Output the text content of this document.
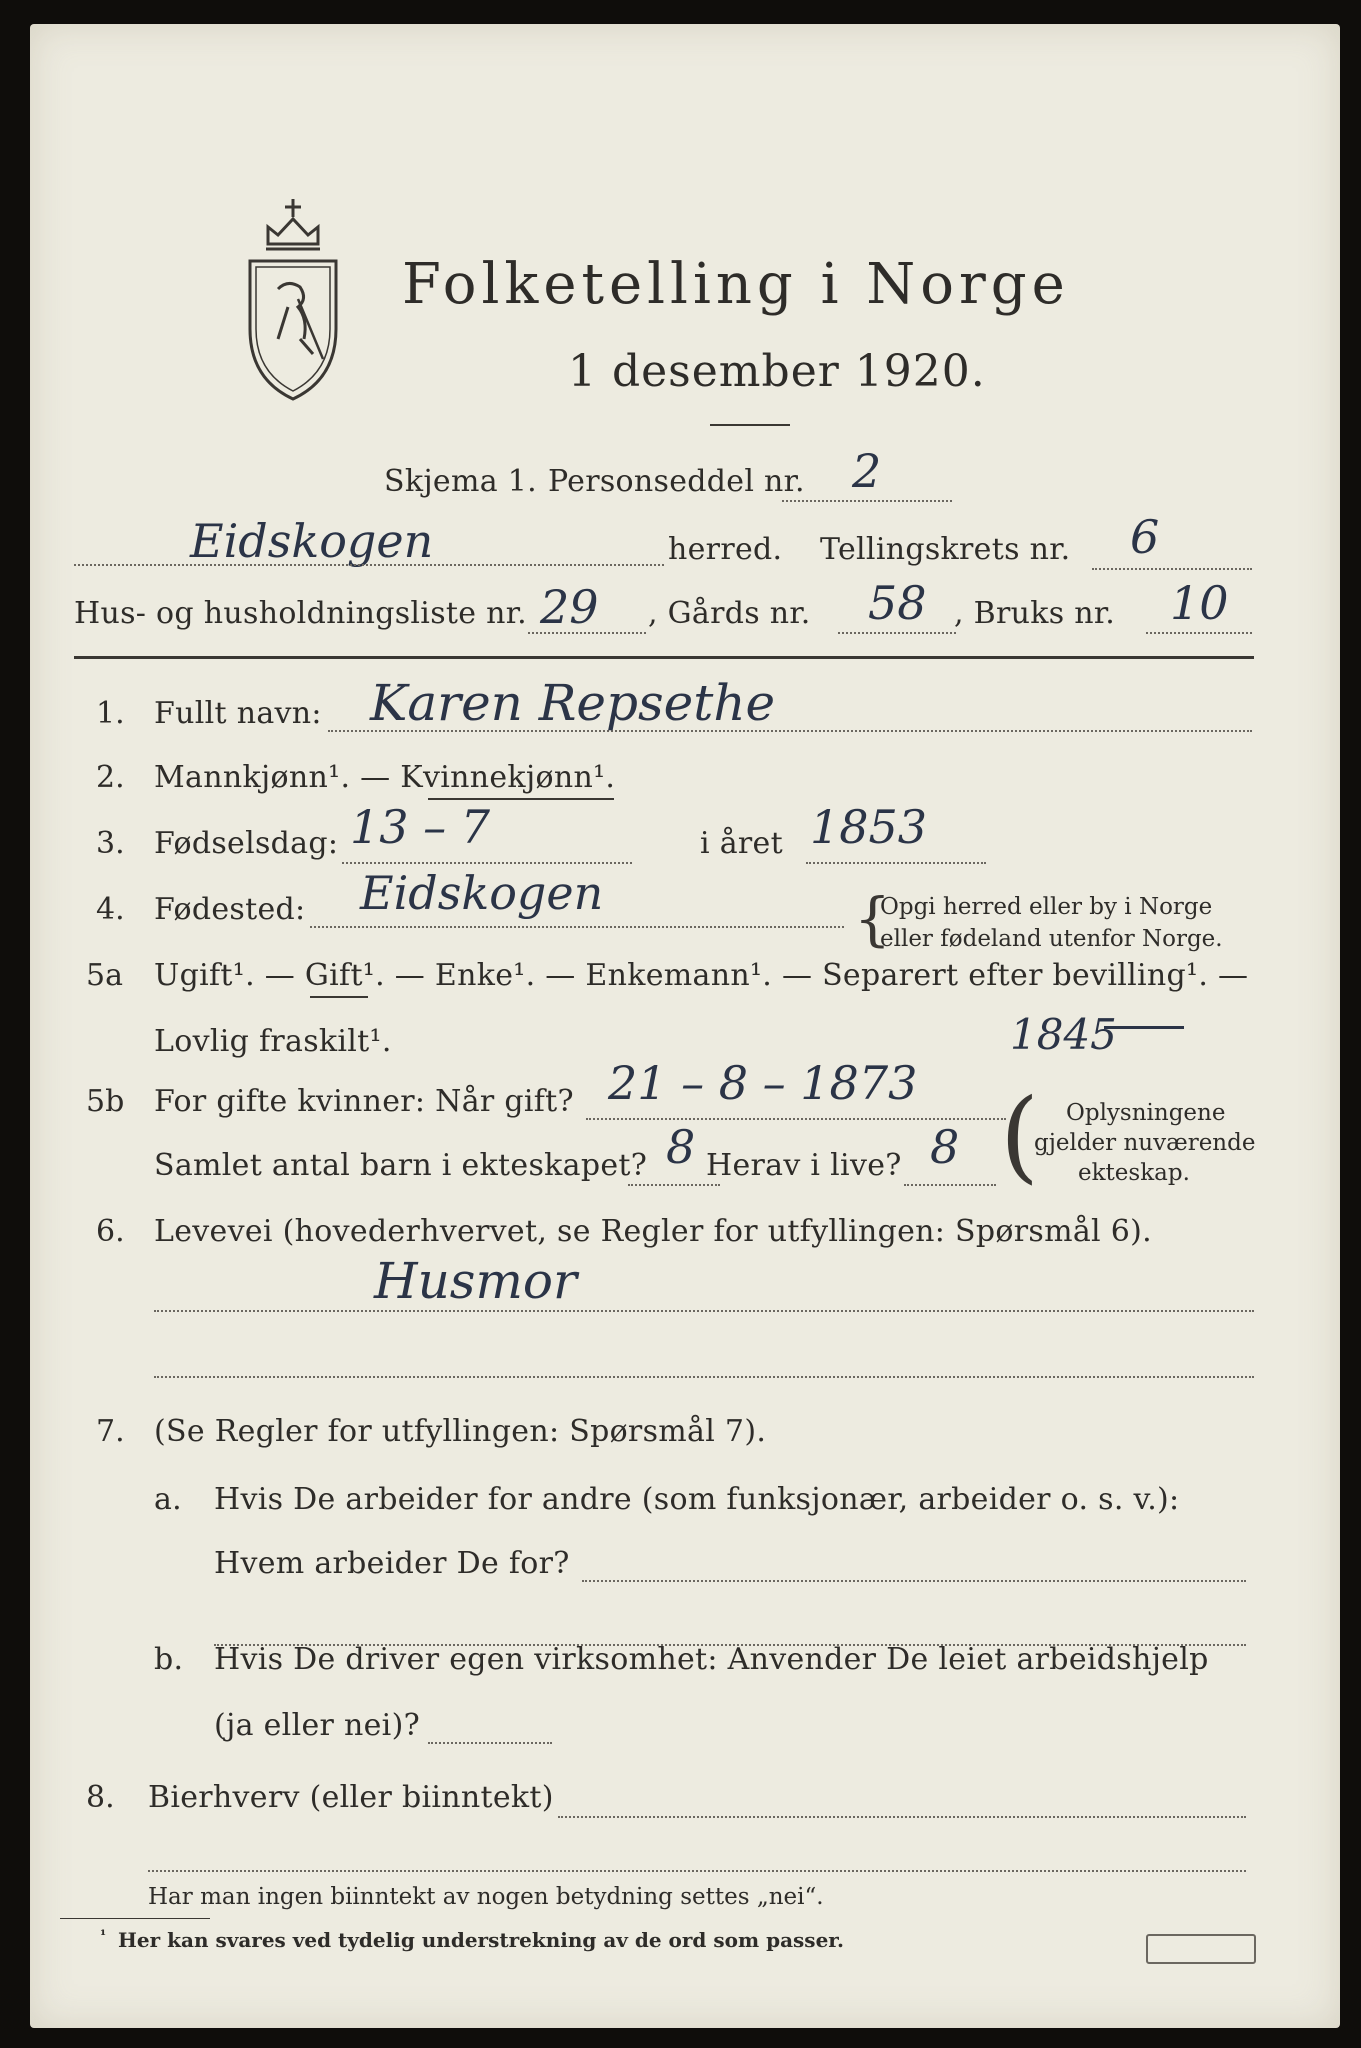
Folketelling i Norge
1 desember 1920.
Skjema 1. Personseddel nr. 2
Eidskogen	herred. Tellingskrets nr. 6
Hus- og husholdningsliste nr. 29 , Gårds nr. 58 , Bruks nr. 10
1. Fullt navn: Karen Repsethe
2. Mannkjønn¹. — Kvinnekjønn¹.
3. Fødselsdag: 13 – 7	i året 1853
4. Fødested: Eidskogen	{
Opgi herred eller by i Norge
eller fødeland utenfor Norge.
5a Ugift¹. — Gift¹. — Enke¹. — Enkemann¹. — Separert efter bevilling¹. —
Lovlig fraskilt¹.	1845
5b For gifte kvinner: Når gift? 21 – 8 – 1873
Samlet antal barn i ekteskapet? 8 Herav i live? 8 ( Oplysningene
gjelder nuværende
ekteskap.
6. Levevei (hovederhvervet, se Regler for utfyllingen: Spørsmål 6).
Husmor
7. (Se Regler for utfyllingen: Spørsmål 7).
a. Hvis De arbeider for andre (som funksjonær, arbeider o. s. v.):
Hvem arbeider De for?
b. Hvis De driver egen virksomhet: Anvender De leiet arbeidshjelp
(ja eller nei)?
8. Bierhverv (eller biinntekt)
Har man ingen biinntekt av nogen betydning settes „nei“.
¹ Her kan svares ved tydelig understrekning av de ord som passer.
